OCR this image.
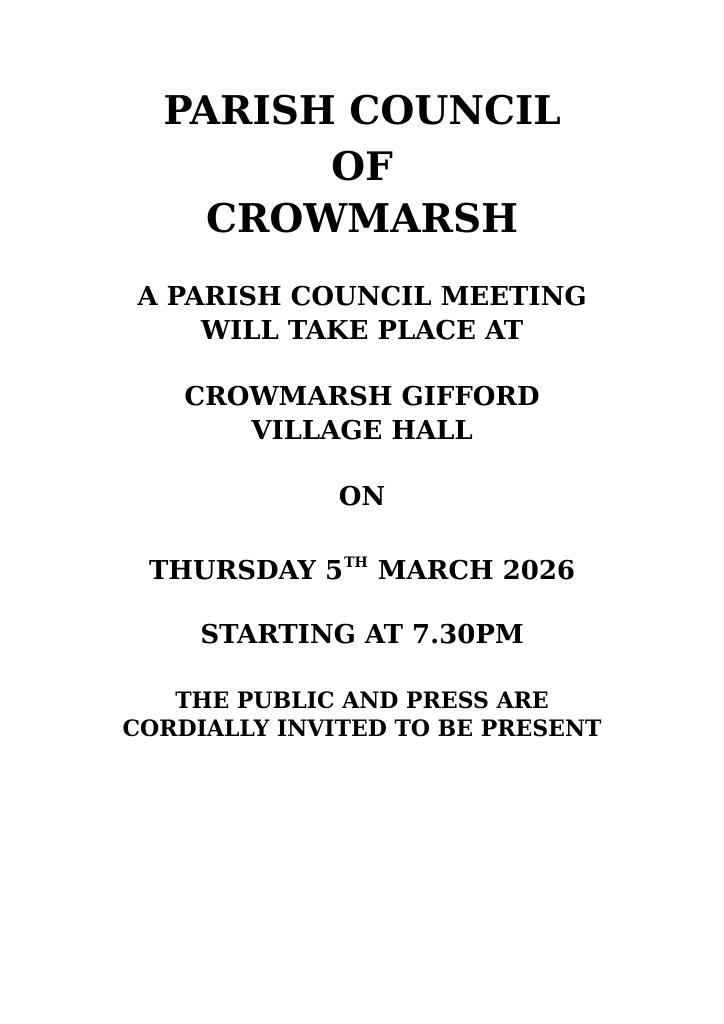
PARISH COUNCIL
OF
CROWMARSH
A PARISH COUNCIL MEETING
WILL TAKE PLACE AT
CROWMARSH GIFFORD
VILLAGE HALL
ON
THURSDAY 5TH MARCH 2026
STARTING AT 7.30PM
THE PUBLIC AND PRESS ARE
CORDIALLY INVITED TO BE PRESENT
